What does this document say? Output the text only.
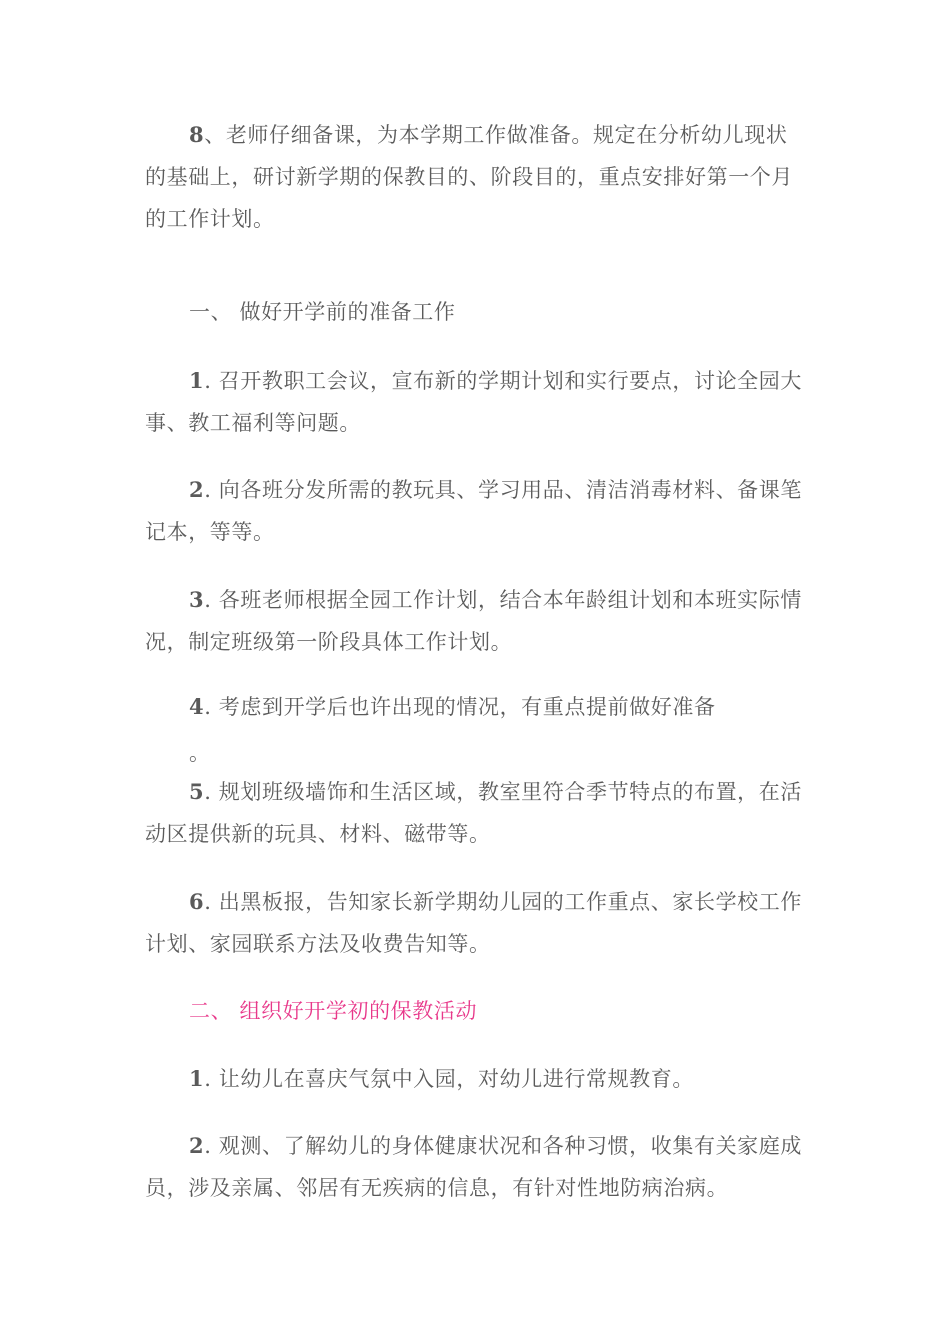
8、老师仔细备课，为本学期工作做准备。规定在分析幼儿现状的基础上，研讨新学期的保教目的、阶段目的，重点安排好第一个月的工作计划。
一、 做好开学前的准备工作
1. 召开教职工会议，宣布新的学期计划和实行要点，讨论全园大事、教工福利等问题。
2. 向各班分发所需的教玩具、学习用品、清洁消毒材料、备课笔记本，等等。
3. 各班老师根据全园工作计划，结合本年龄组计划和本班实际情况，制定班级第一阶段具体工作计划。
4. 考虑到开学后也许出现的情况，有重点提前做好准备
。
5. 规划班级墙饰和生活区域，教室里符合季节特点的布置，在活动区提供新的玩具、材料、磁带等。
6. 出黑板报，告知家长新学期幼儿园的工作重点、家长学校工作计划、家园联系方法及收费告知等。
二、 组织好开学初的保教活动
1. 让幼儿在喜庆气氛中入园，对幼儿进行常规教育。
2. 观测、了解幼儿的身体健康状况和各种习惯，收集有关家庭成员，涉及亲属、邻居有无疾病的信息，有针对性地防病治病。
